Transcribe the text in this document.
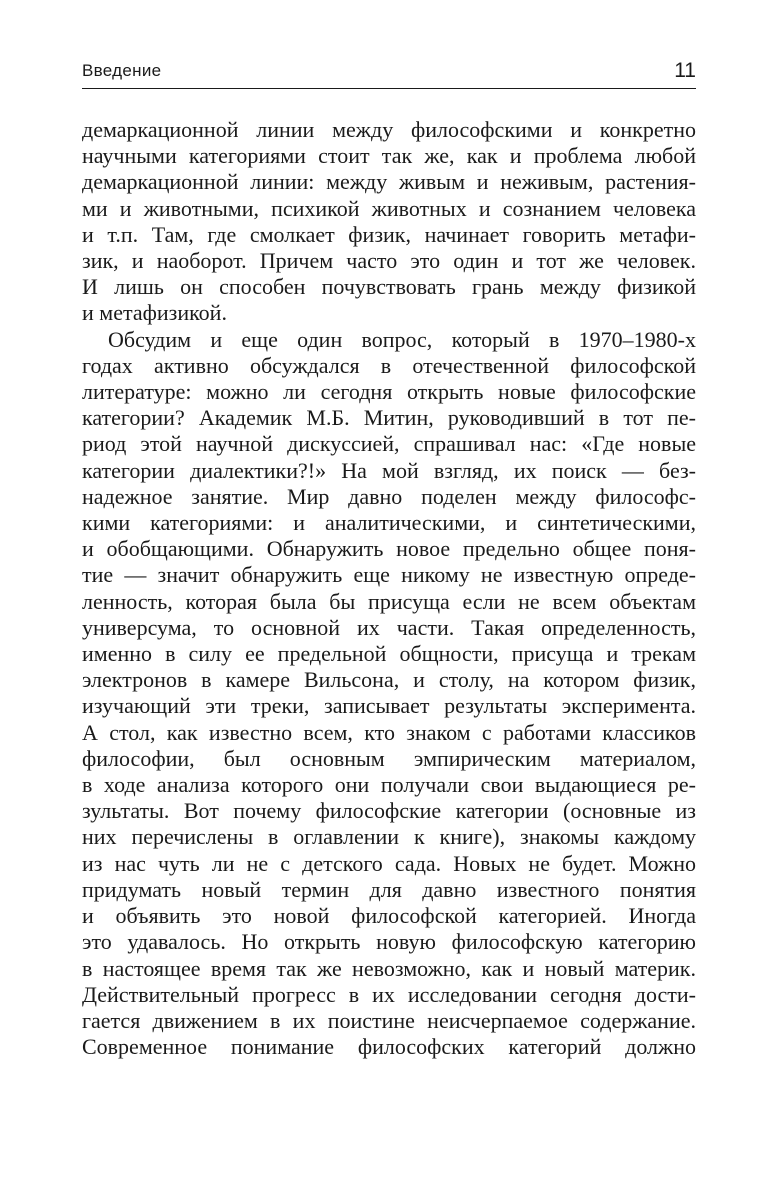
Введение	11
демаркационной линии между философскими и конкретно
научными категориями стоит так же, как и проблема любой
демаркационной линии: между живым и неживым, растения-
ми и животными, психикой животных и сознанием человека
и т.п. Там, где смолкает физик, начинает говорить метафи-
зик, и наоборот. Причем часто это один и тот же человек.
И лишь он способен почувствовать грань между физикой
и метафизикой.
Обсудим и еще один вопрос, который в 1970–1980-х
годах активно обсуждался в отечественной философской
литературе: можно ли сегодня открыть новые философские
категории? Академик М.Б. Митин, руководивший в тот пе-
риод этой научной дискуссией, спрашивал нас: «Где новые
категории диалектики?!» На мой взгляд, их поиск — без-
надежное занятие. Мир давно поделен между философс-
кими категориями: и аналитическими, и синтетическими,
и обобщающими. Обнаружить новое предельно общее поня-
тие — значит обнаружить еще никому не известную опреде-
ленность, которая была бы присуща если не всем объектам
универсума, то основной их части. Такая определенность,
именно в силу ее предельной общности, присуща и трекам
электронов в камере Вильсона, и столу, на котором физик,
изучающий эти треки, записывает результаты эксперимента.
А стол, как известно всем, кто знаком с работами классиков
философии, был основным эмпирическим материалом,
в ходе анализа которого они получали свои выдающиеся ре-
зультаты. Вот почему философские категории (основные из
них перечислены в оглавлении к книге), знакомы каждому
из нас чуть ли не с детского сада. Новых не будет. Можно
придумать новый термин для давно известного понятия
и объявить это новой философской категорией. Иногда
это удавалось. Но открыть новую философскую категорию
в настоящее время так же невозможно, как и новый материк.
Действительный прогресс в их исследовании сегодня дости-
гается движением в их поистине неисчерпаемое содержание.
Современное понимание философских категорий должно
